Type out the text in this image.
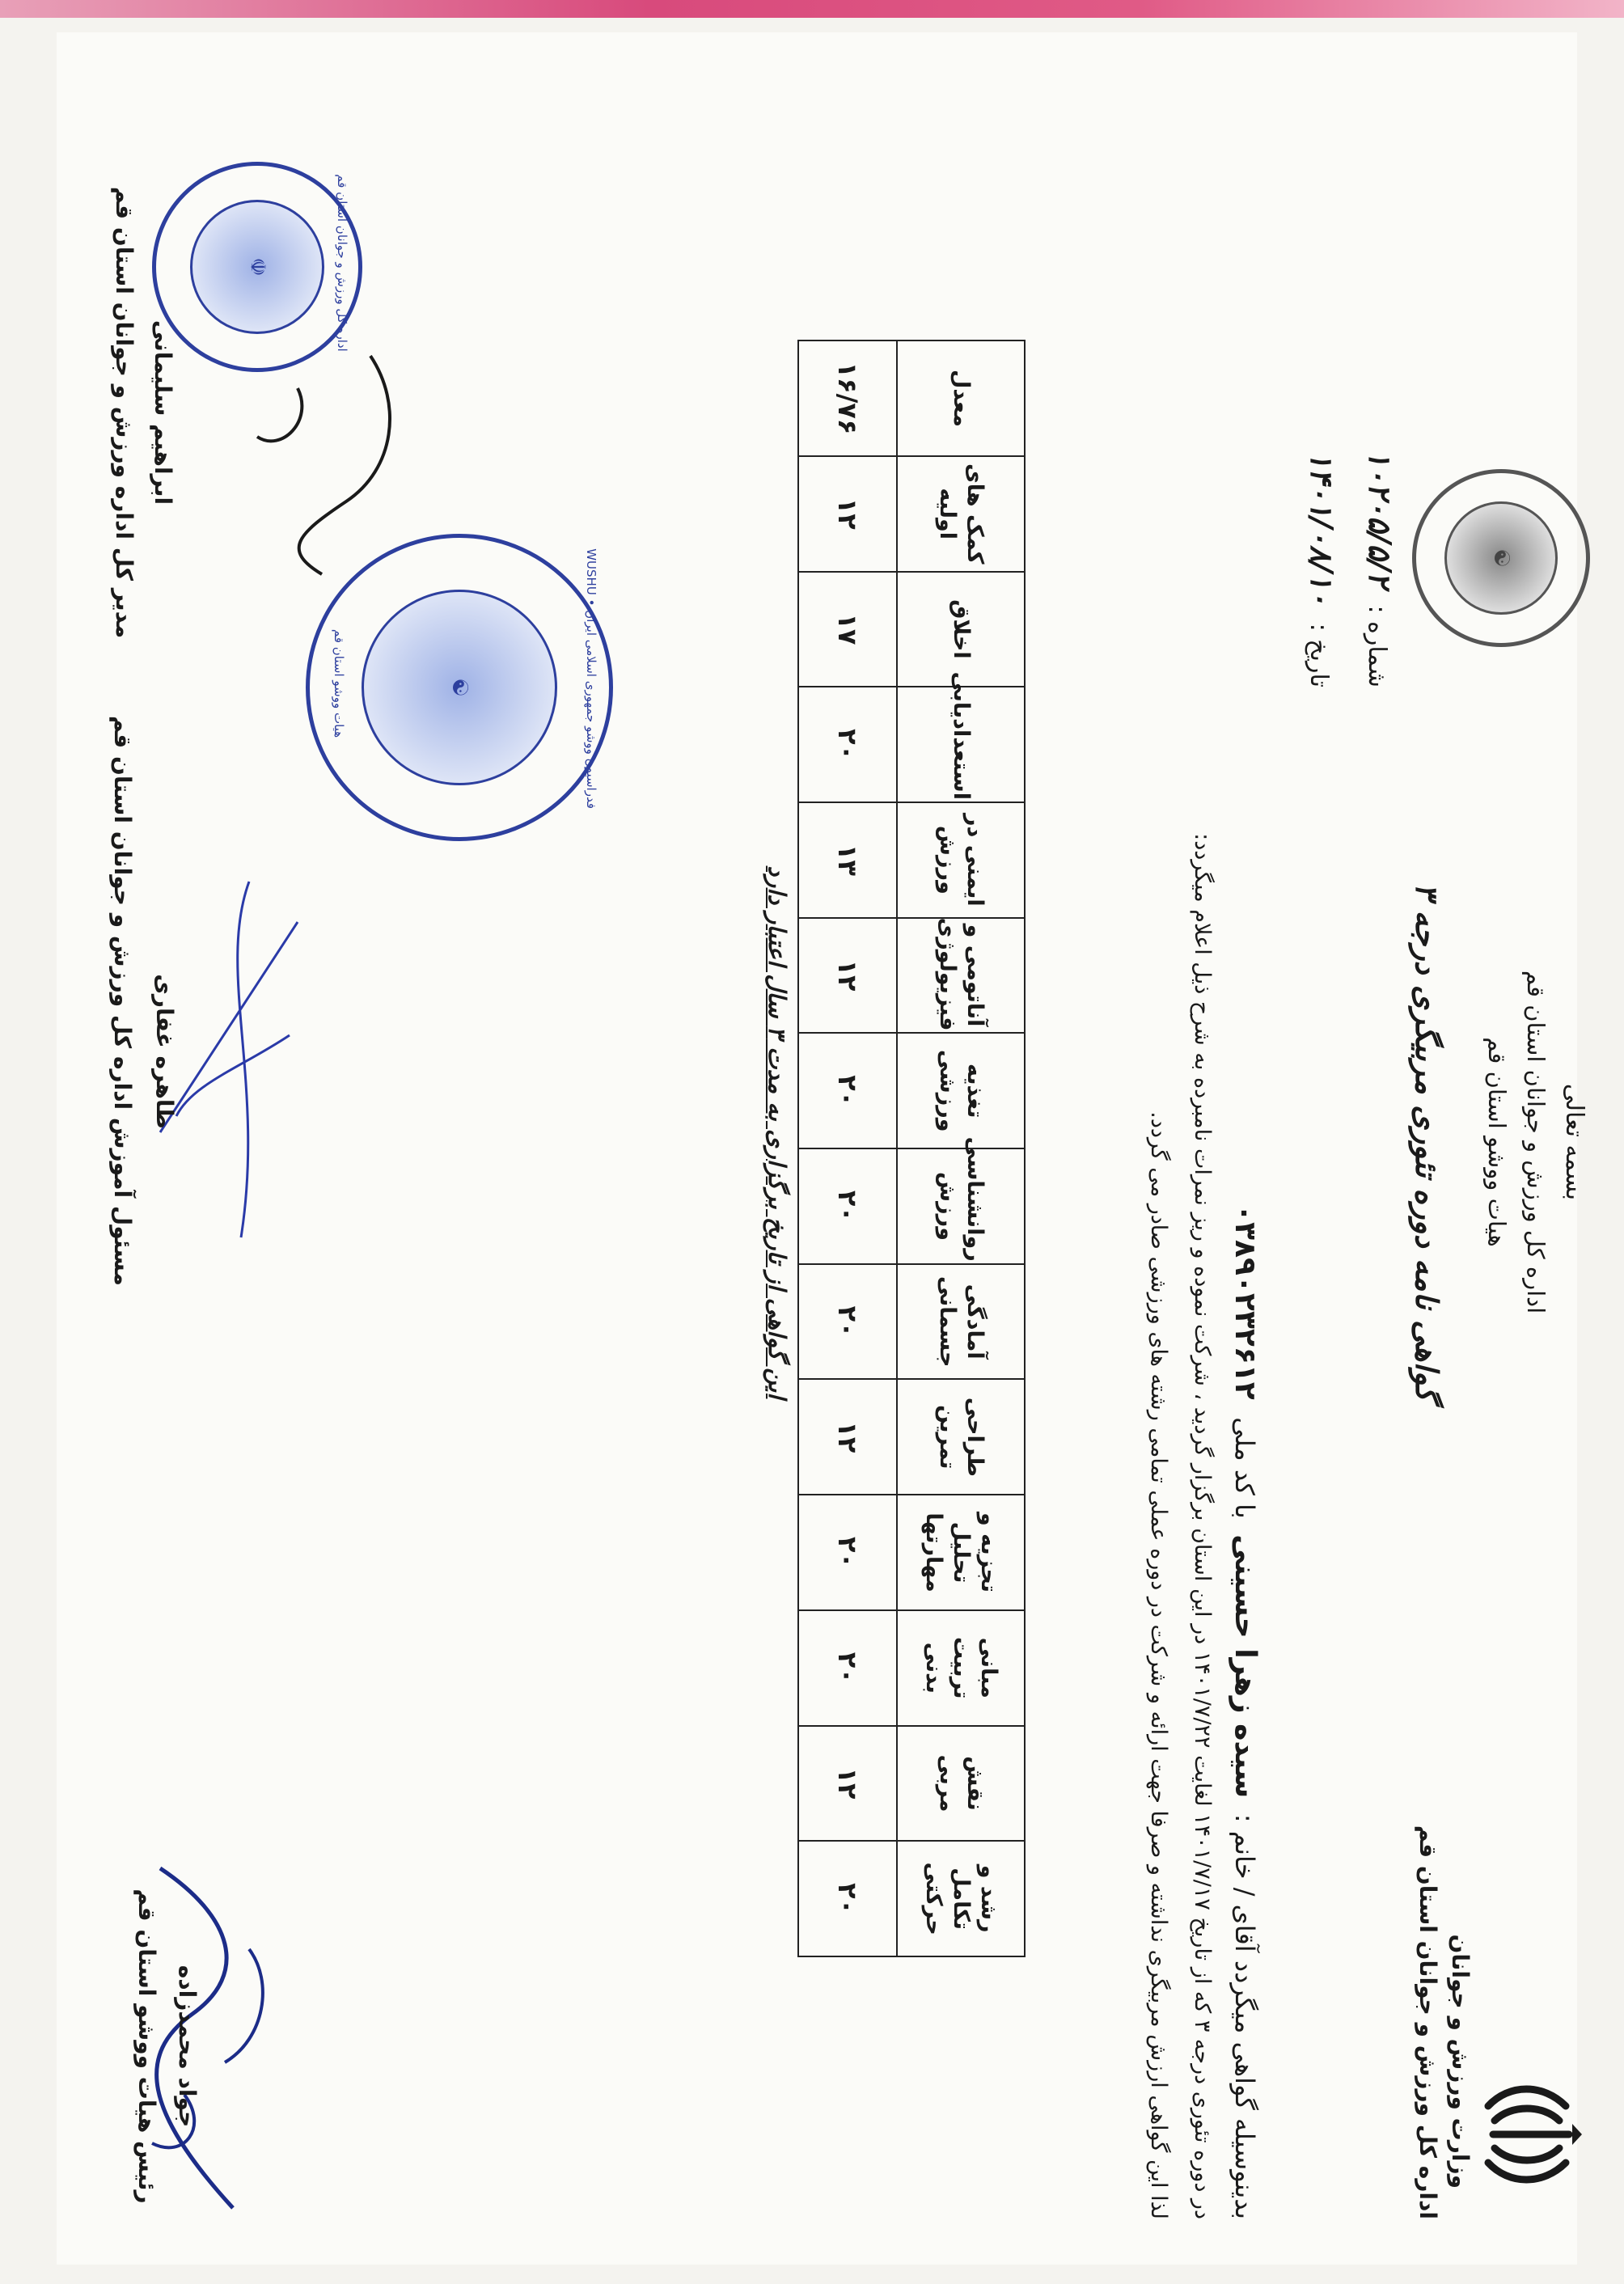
وزارت ورزش و جوانان
اداره کل ورزش و جوانان استان قم
بسمه تعالی
اداره کل ورزش و جوانان استان قم
هیات ووشو استان قم
گواهی نامه دوره تئوری مربیگری درجه ۳
☯
شماره : ۱۰۲۰۵/۵/۲
تاریخ : ۱۴۰۱/۰۸/۱۰
بدینوسیله گواهی میگردد آقای / خانم : سیده زهرا حسینی با کد ملی ۰۳۸۹۰۲۳۲۶۱۲
در دوره تئوری درجه ۳ که از تاریخ ۱۴۰۱/۷/۱۷ لغایت ۱۴۰۱/۷/۲۲ در این استان برگزار گردید ، شرکت نموده و ریز نمرات نامبرده به شرح ذیل اعلام میگردد:
لذا این گواهی ارزش مربیگری نداشته و صرفا جهت ارائه و شرکت در دوره عملی تمامی رشته های ورزشی صادر می گردد.
رشد و تکامل حرکتی	نقش مربی	مبانی تربیت بدنی	تجزیه و تحلیل مهارتها	طراحی تمرین	آمادگی جسمانی	روانشناسی ورزش	تغذیه ورزشی	آناتومی و فیزیولوژی	ایمنی در ورزش	استعدادیابی	اخلاق	کمک های اولیه	معدل
۲۰	۱۲	۲۰	۲۰	۱۲	۲۰	۲۰	۲۰	۱۲	۱۳	۲۰	۱۷	۱۲	۱۶/۷۶
این گواهی از تاریخ برگزاری به مدت ۳ سال اعتبار دارد
☯
فدراسیون ووشو جمهوری اسلامی ایران • WUSHU
هیات ووشو استان قم
جواد محمدزاده
رئیس هیات ووشو استان قم
طاهره غفاری
مسئول آموزش اداره کل ورزش و جوانان استان قم
☫	اداره کل ورزش و جوانان استان قم
ابراهیم سلیمانی
مدیر کل اداره ورزش و جوانان استان قم
